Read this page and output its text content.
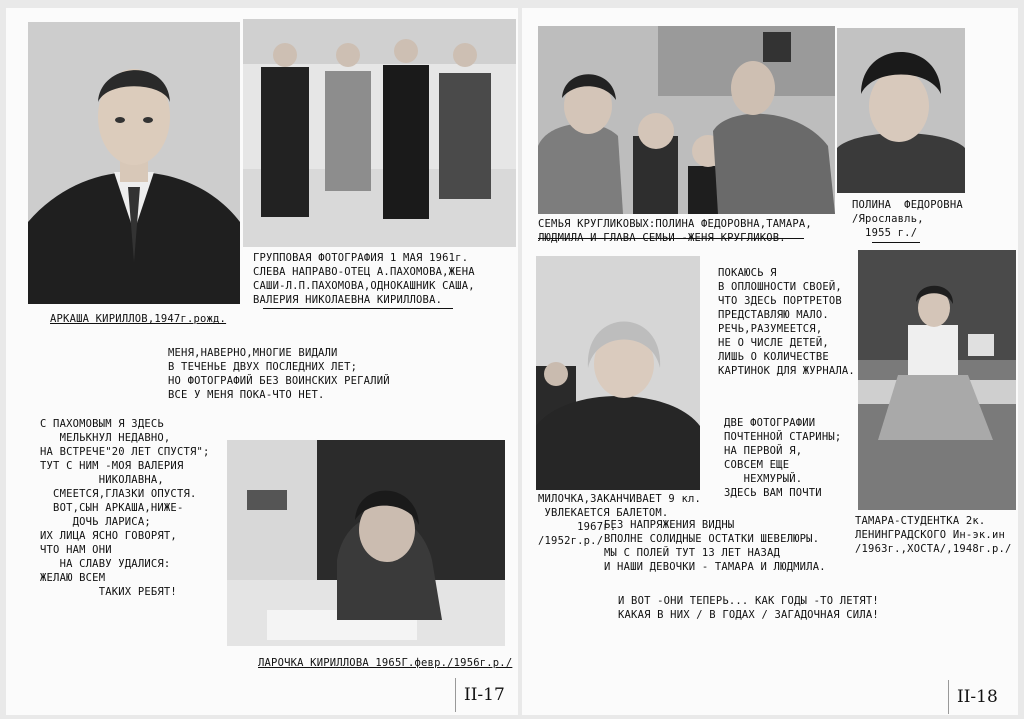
ГРУППОВАЯ ФОТОГРАФИЯ 1 МАЯ 1961г.
СЛЕВА НАПРАВО-ОТЕЦ А.ПАХОМОВА,ЖЕНА
САШИ-Л.П.ПАХОМОВА,ОДНОКАШНИК САША,
ВАЛЕРИЯ НИКОЛАЕВНА КИРИЛЛОВА.
АРКАША КИРИЛЛОВ,1947г.рожд.
МЕНЯ,НАВЕРНО,МНОГИЕ ВИДАЛИ
В ТЕЧЕНЬЕ ДВУХ ПОСЛЕДНИХ ЛЕТ;
НО ФОТОГРАФИЙ БЕЗ ВОИНСКИХ РЕГАЛИЙ
ВСЕ У МЕНЯ ПОКА-ЧТО НЕТ.
С ПАХОМОВЫМ Я ЗДЕСЬ
МЕЛЬКНУЛ НЕДАВНО,
НА ВСТРЕЧЕ"20 ЛЕТ СПУСТЯ";
ТУТ С НИМ -МОЯ ВАЛЕРИЯ
НИКОЛАВНА,
СМЕЕТСЯ,ГЛАЗКИ ОПУСТЯ.
ВОТ,СЫН АРКАША,НИЖЕ-
ДОЧЬ ЛАРИСА;
ИХ ЛИЦА ЯСНО ГОВОРЯТ,
ЧТО НАМ ОНИ
НА СЛАВУ УДАЛИСЯ:
ЖЕЛАЮ ВСЕМ
ТАКИХ РЕБЯТ!
ЛАРОЧКА КИРИЛЛОВА 1965Г.февр./1956г.р./
II-17
СЕМЬЯ КРУГЛИКОВЫХ:ПОЛИНА ФЕДОРОВНА,ТАМАРА,
ЛЮДМИЛА И ГЛАВА СЕМЬИ -ЖЕНЯ КРУГЛИКОВ.
ПОЛИНА  ФЕДОРОВНА
/Ярославль,
1955 г./
ПОКАЮСЬ Я
В ОПЛОШНОСТИ СВОЕЙ,
ЧТО ЗДЕСЬ ПОРТРЕТОВ
ПРЕДСТАВЛЯЮ МАЛО.
РЕЧЬ,РАЗУМЕЕТСЯ,
НЕ О ЧИСЛЕ ДЕТЕЙ,
ЛИШЬ О КОЛИЧЕСТВЕ
КАРТИНОК ДЛЯ ЖУРНАЛА.
ДВЕ ФОТОГРАФИИ
ПОЧТЕННОЙ СТАРИНЫ;
НА ПЕРВОЙ Я,
СОВСЕМ ЕЩЕ
НЕХМУРЫЙ.
ЗДЕСЬ ВАМ ПОЧТИ
МИЛОЧКА,ЗАКАНЧИВАЕТ 9 кл.
УВЛЕКАЕТСЯ БАЛЕТОМ.
1967г.
/1952г.р./
БЕЗ НАПРЯЖЕНИЯ ВИДНЫ
ВПОЛНЕ СОЛИДНЫЕ ОСТАТКИ ШЕВЕЛЮРЫ.
МЫ С ПОЛЕЙ ТУТ 13 ЛЕТ НАЗАД
И НАШИ ДЕВОЧКИ - ТАМАРА И ЛЮДМИЛА.
ТАМАРА-СТУДЕНТКА 2к.
ЛЕНИНГРАДСКОГО Ин-эк.ин
/1963г.,ХОСТА/,1948г.р./
И ВОТ -ОНИ ТЕПЕРЬ... КАК ГОДЫ -ТО ЛЕТЯТ!
КАКАЯ В НИХ / В ГОДАХ / ЗАГАДОЧНАЯ СИЛА!
II-18
